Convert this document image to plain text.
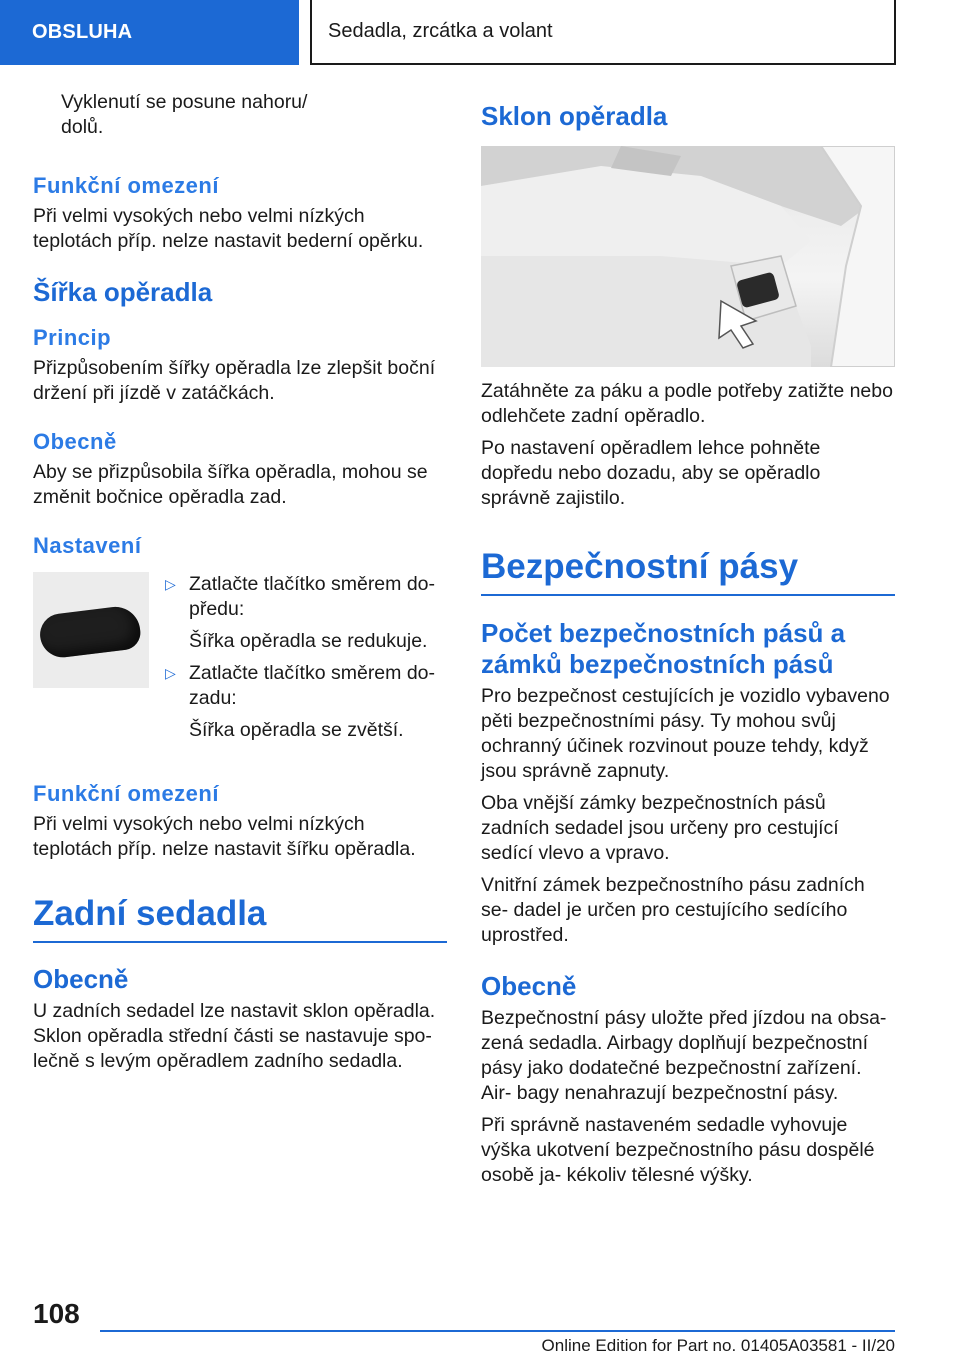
OBSLUHA	Sedadla, zrcátka a volant

Vyklenutí se posune nahoru/ dolů.

Funkční omezení

Při velmi vysokých nebo velmi nízkých teplotách příp. nelze nastavit bederní opěrku.

Šířka opěradla
Princip

Přizpůsobením šířky opěradla lze zlepšit boční držení při jízdě v zatáčkách.

Obecně

Aby se přizpůsobila šířka opěradla, mohou se změnit bočnice opěradla zad.

Nastavení
▷ Zatlačte tlačítko směrem do- předu:

Šířka opěradla se redukuje.

▷ Zatlačte tlačítko směrem do- zadu:

Šířka opěradla se zvětší.

Funkční omezení

Při velmi vysokých nebo velmi nízkých teplotách příp. nelze nastavit šířku opěradla.

Zadní sedadla
Obecně

U zadních sedadel lze nastavit sklon opěradla. Sklon opěradla střední části se nastavuje spo- lečně s levým opěradlem zadního sedadla.

Sklon opěradla

Zatáhněte za páku a podle potřeby zatižte nebo odlehčete zadní opěradlo.

Po nastavení opěradlem lehce pohněte dopředu nebo dozadu, aby se opěradlo správně zajistilo.

Bezpečnostní pásy
Počet bezpečnostních pásů a zámků bezpečnostních pásů

Pro bezpečnost cestujících je vozidlo vybaveno pěti bezpečnostními pásy. Ty mohou svůj ochranný účinek rozvinout pouze tehdy, když jsou správně zapnuty.

Oba vnější zámky bezpečnostních pásů zadních sedadel jsou určeny pro cestující sedící vlevo a vpravo.

Vnitřní zámek bezpečnostního pásu zadních se- dadel je určen pro cestujícího sedícího uprostřed.

Obecně

Bezpečnostní pásy uložte před jízdou na obsa- zená sedadla. Airbagy doplňují bezpečnostní pásy jako dodatečné bezpečnostní zařízení. Air- bagy nenahrazují bezpečnostní pásy.

Při správně nastaveném sedadle vyhovuje výška ukotvení bezpečnostního pásu dospělé osobě ja- kékoliv tělesné výšky.

108
Online Edition for Part no. 01405A03581 - II/20
